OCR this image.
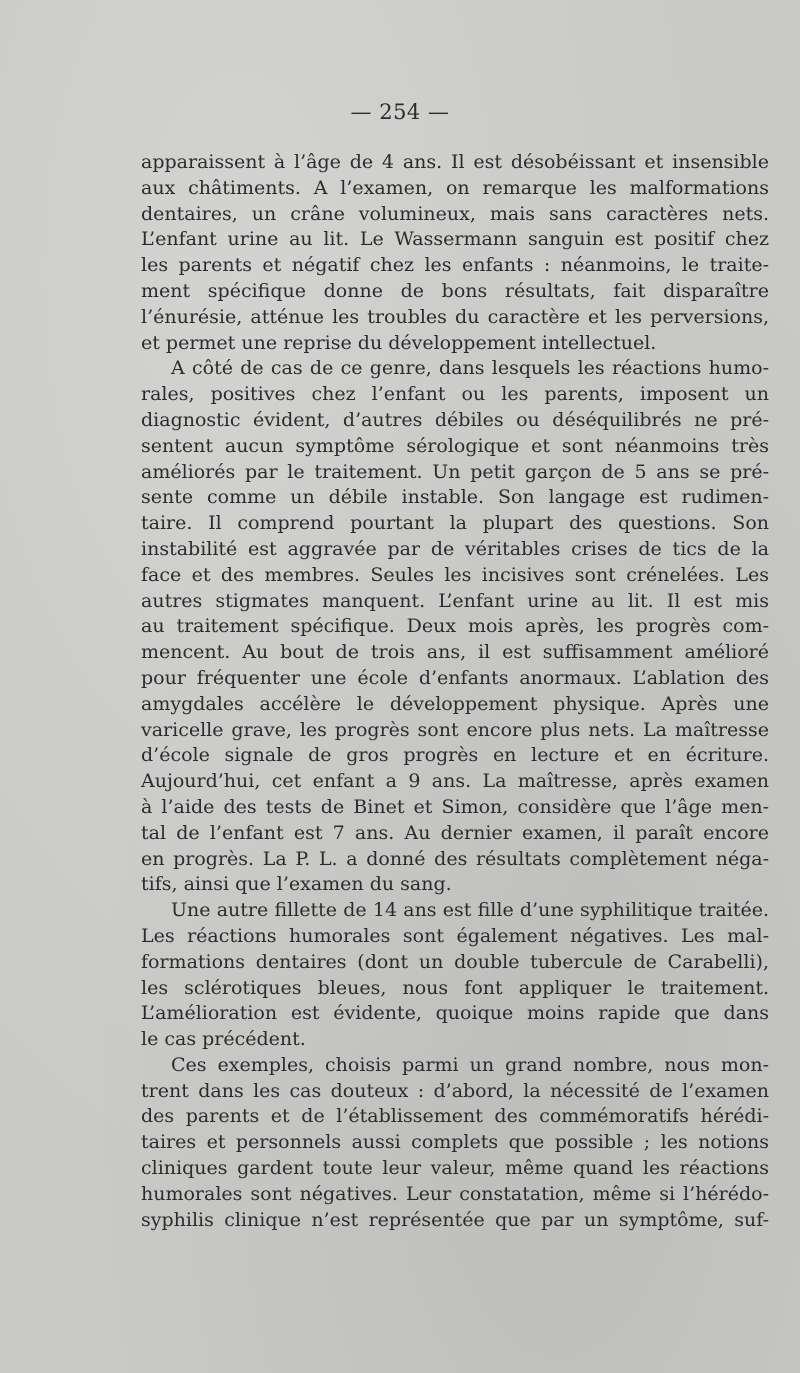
— 254 —
apparaissent à l’âge de 4 ans. Il est désobéissant et insensible
aux châtiments. A l’examen, on remarque les malformations
dentaires, un crâne volumineux, mais sans caractères nets.
L’enfant urine au lit. Le Wassermann sanguin est positif chez
les parents et négatif chez les enfants : néanmoins, le traite-
ment spécifique donne de bons résultats, fait disparaître
l’énurésie, atténue les troubles du caractère et les perversions,
et permet une reprise du développement intellectuel.
A côté de cas de ce genre, dans lesquels les réactions humo-
rales, positives chez l’enfant ou les parents, imposent un
diagnostic évident, d’autres débiles ou déséquilibrés ne pré-
sentent aucun symptôme sérologique et sont néanmoins très
améliorés par le traitement. Un petit garçon de 5 ans se pré-
sente comme un débile instable. Son langage est rudimen-
taire. Il comprend pourtant la plupart des questions. Son
instabilité est aggravée par de véritables crises de tics de la
face et des membres. Seules les incisives sont crénelées. Les
autres stigmates manquent. L’enfant urine au lit. Il est mis
au traitement spécifique. Deux mois après, les progrès com-
mencent. Au bout de trois ans, il est suffisamment amélioré
pour fréquenter une école d’enfants anormaux. L’ablation des
amygdales accélère le développement physique. Après une
varicelle grave, les progrès sont encore plus nets. La maîtresse
d’école signale de gros progrès en lecture et en écriture.
Aujourd’hui, cet enfant a 9 ans. La maîtresse, après examen
à l’aide des tests de Binet et Simon, considère que l’âge men-
tal de l’enfant est 7 ans. Au dernier examen, il paraît encore
en progrès. La P. L. a donné des résultats complètement néga-
tifs, ainsi que l’examen du sang.
Une autre fillette de 14 ans est fille d’une syphilitique traitée.
Les réactions humorales sont également négatives. Les mal-
formations dentaires (dont un double tubercule de Carabelli),
les sclérotiques bleues, nous font appliquer le traitement.
L’amélioration est évidente, quoique moins rapide que dans
le cas précédent.
Ces exemples, choisis parmi un grand nombre, nous mon-
trent dans les cas douteux : d’abord, la nécessité de l’examen
des parents et de l’établissement des commémoratifs hérédi-
taires et personnels aussi complets que possible ; les notions
cliniques gardent toute leur valeur, même quand les réactions
humorales sont négatives. Leur constatation, même si l’hérédo-
syphilis clinique n’est représentée que par un symptôme, suf-
